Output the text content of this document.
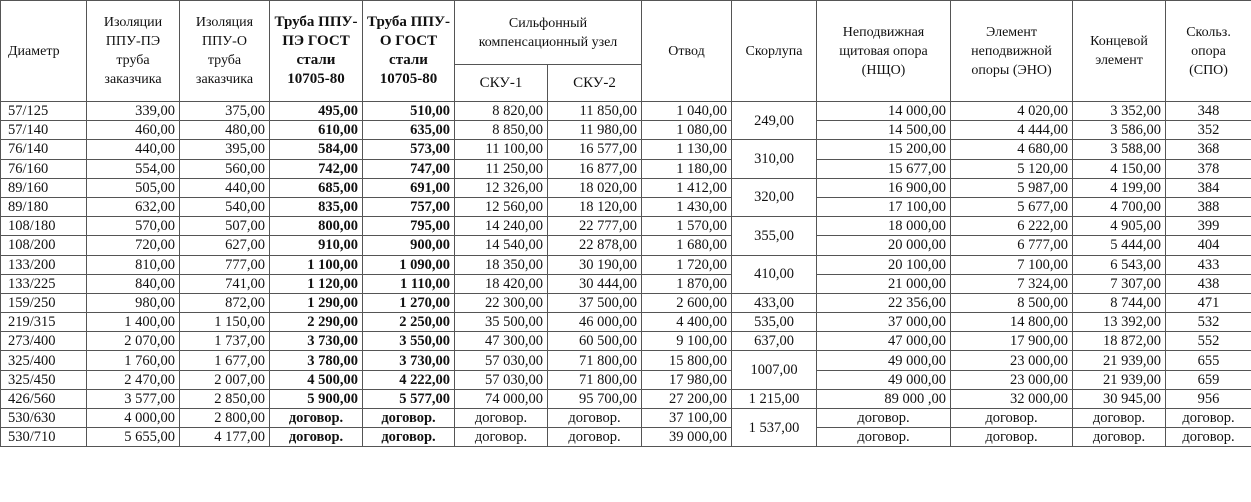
Диаметр	Изоляции ППУ-ПЭ труба заказчика	Изоляция ППУ-О труба заказчика	Труба ППУ-ПЭ ГОСТ стали 10705-80	Труба ППУ-О ГОСТ стали 10705-80	Сильфонный компенсационный узел		Отвод	Скорлупа	Неподвижная щитовая опора (НЩО)	Элемент неподвижной опоры (ЭНО)	Концевой элемент	Скольз. опора (СПО)
					СКУ-1	СКУ-2						
57/125	339,00	375,00	495,00	510,00	8 820,00	11 850,00	1 040,00	249,00	14 000,00	4 020,00	3 352,00	348
57/140	460,00	480,00	610,00	635,00	8 850,00	11 980,00	1 080,00		14 500,00	4 444,00	3 586,00	352
76/140	440,00	395,00	584,00	573,00	11 100,00	16 577,00	1 130,00	310,00	15 200,00	4 680,00	3 588,00	368
76/160	554,00	560,00	742,00	747,00	11 250,00	16 877,00	1 180,00		15 677,00	5 120,00	4 150,00	378
89/160	505,00	440,00	685,00	691,00	12 326,00	18 020,00	1 412,00	320,00	16 900,00	5 987,00	4 199,00	384
89/180	632,00	540,00	835,00	757,00	12 560,00	18 120,00	1 430,00		17 100,00	5 677,00	4 700,00	388
108/180	570,00	507,00	800,00	795,00	14 240,00	22 777,00	1 570,00	355,00	18 000,00	6 222,00	4 905,00	399
108/200	720,00	627,00	910,00	900,00	14 540,00	22 878,00	1 680,00		20 000,00	6 777,00	5 444,00	404
133/200	810,00	777,00	1 100,00	1 090,00	18 350,00	30 190,00	1 720,00	410,00	20 100,00	7 100,00	6 543,00	433
133/225	840,00	741,00	1 120,00	1 110,00	18 420,00	30 444,00	1 870,00		21 000,00	7 324,00	7 307,00	438
159/250	980,00	872,00	1 290,00	1 270,00	22 300,00	37 500,00	2 600,00	433,00	22 356,00	8 500,00	8 744,00	471
219/315	1 400,00	1 150,00	2 290,00	2 250,00	35 500,00	46 000,00	4 400,00	535,00	37 000,00	14 800,00	13 392,00	532
273/400	2 070,00	1 737,00	3 730,00	3 550,00	47 300,00	60 500,00	9 100,00	637,00	47 000,00	17 900,00	18 872,00	552
325/400	1 760,00	1 677,00	3 780,00	3 730,00	57 030,00	71 800,00	15 800,00	1007,00	49 000,00	23 000,00	21 939,00	655
325/450	2 470,00	2 007,00	4 500,00	4 222,00	57 030,00	71 800,00	17 980,00		49 000,00	23 000,00	21 939,00	659
426/560	3 577,00	2 850,00	5 900,00	5 577,00	74 000,00	95 700,00	27 200,00	1 215,00	89 000 ,00	32 000,00	30 945,00	956
530/630	4 000,00	2 800,00	договор.	договор.	договор.	договор.	37 100,00	1 537,00	договор.	договор.	договор.	договор.
530/710	5 655,00	4 177,00	договор.	договор.	договор.	договор.	39 000,00		договор.	договор.	договор.	договор.
